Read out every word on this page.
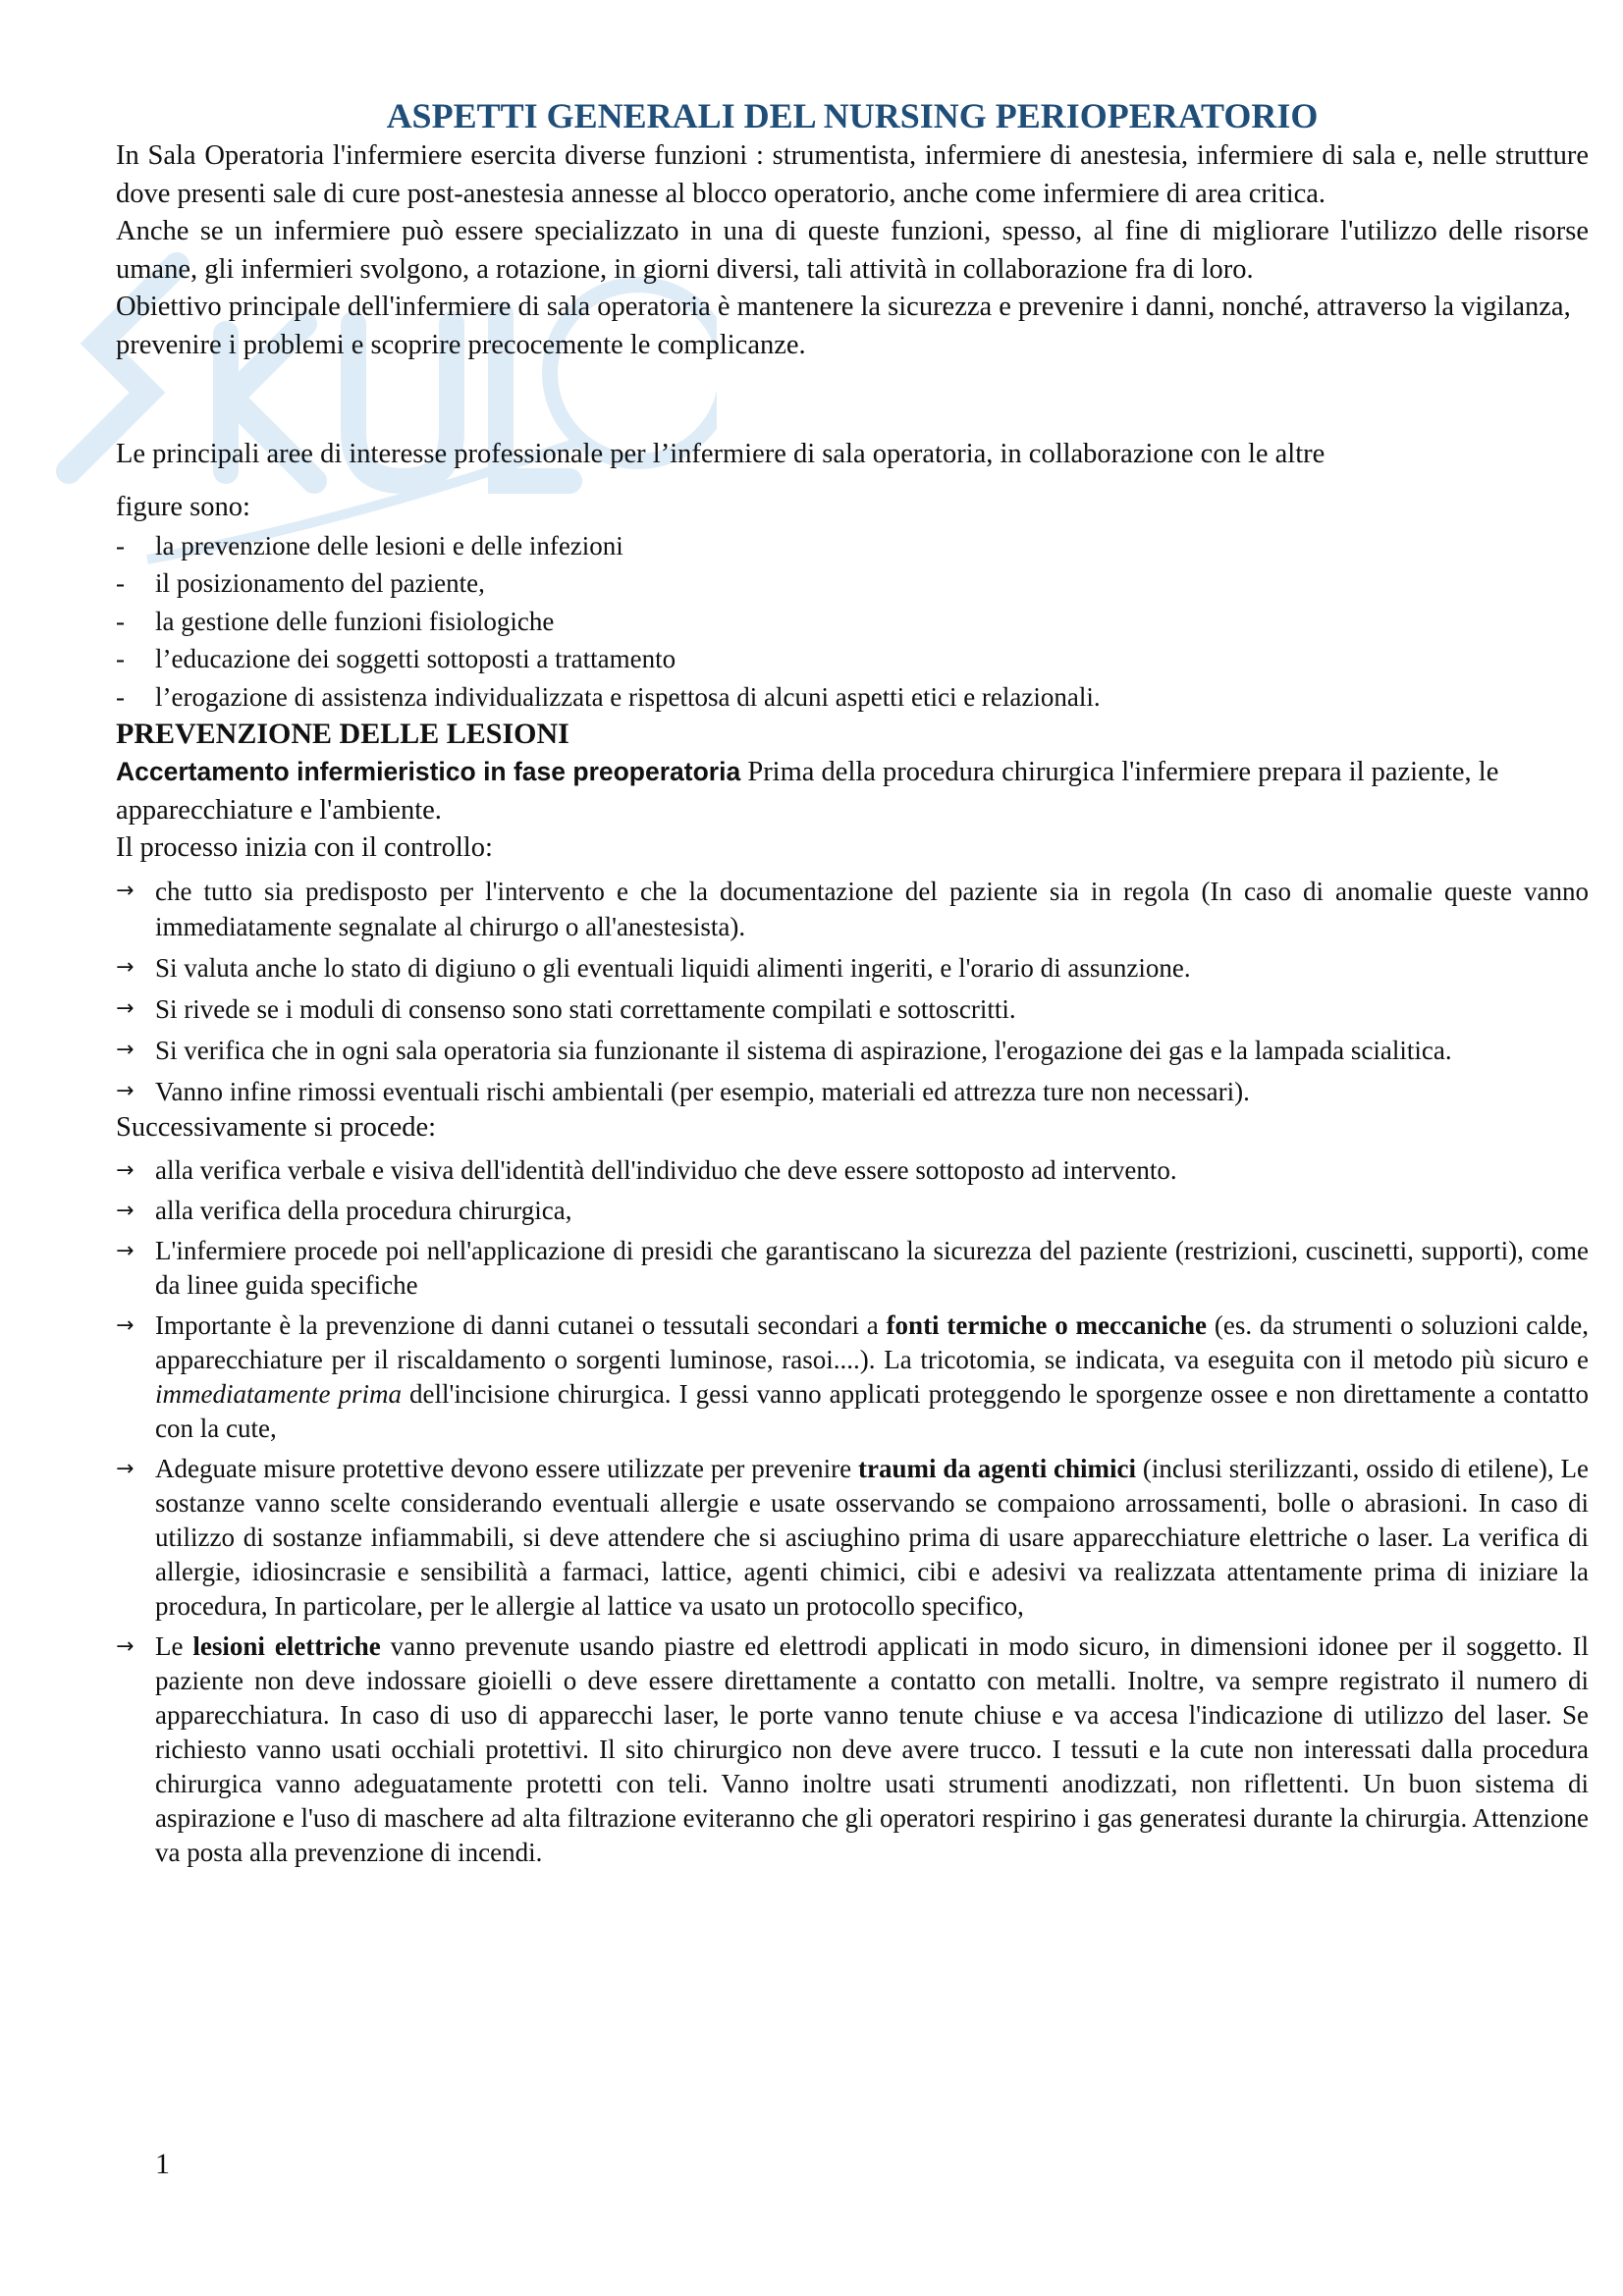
ASPETTI GENERALI DEL NURSING PERIOPERATORIO

In Sala Operatoria l'infermiere esercita diverse funzioni : strumentista, infermiere di anestesia, infermiere di sala e, nelle strutture dove presenti sale di cure post-anestesia annesse al blocco operatorio, anche come infermiere di area critica.

Anche se un infermiere può essere specializzato in una di queste funzioni, spesso, al fine di migliorare l'utilizzo delle risorse umane, gli infermieri svolgono, a rotazione, in giorni diversi, tali attività in collaborazione fra di loro.

Obiettivo principale dell'infermiere di sala operatoria è mantenere la sicurezza e prevenire i danni, nonché, attraverso la vigilanza, prevenire i problemi e scoprire precocemente le complicanze.

Le principali aree di interesse professionale per l’infermiere di sala operatoria, in collaborazione con le altre

figure sono:

- la prevenzione delle lesioni e delle infezioni
- il posizionamento del paziente,
- la gestione delle funzioni fisiologiche
- l’educazione dei soggetti sottoposti a trattamento
- l’erogazione di assistenza individualizzata e rispettosa di alcuni aspetti etici e relazionali.

PREVENZIONE DELLE LESIONI

Accertamento infermieristico in fase preoperatoria Prima della procedura chirurgica l'infermiere prepara il paziente, le apparecchiature e l'ambiente.

Il processo inizia con il controllo:

→ che tutto sia predisposto per l'intervento e che la documentazione del paziente sia in regola (In caso di anomalie queste vanno immediatamente segnalate al chirurgo o all'anestesista).
→ Si valuta anche lo stato di digiuno o gli eventuali liquidi alimenti ingeriti, e l'orario di assunzione.
→ Si rivede se i moduli di consenso sono stati correttamente compilati e sottoscritti.
→ Si verifica che in ogni sala operatoria sia funzionante il sistema di aspirazione, l'erogazione dei gas e la lampada scialitica.
→ Vanno infine rimossi eventuali rischi ambientali (per esempio, materiali ed attrezza ture non necessari).

Successivamente si procede:

→ alla verifica verbale e visiva dell'identità dell'individuo che deve essere sottoposto ad intervento.
→ alla verifica della procedura chirurgica,
→ L'infermiere procede poi nell'applicazione di presidi che garantiscano la sicurezza del paziente (restrizioni, cuscinetti, supporti), come da linee guida specifiche
→ Importante è la prevenzione di danni cutanei o tessutali secondari a fonti termiche o meccaniche (es. da strumenti o soluzioni calde, apparecchiature per il riscaldamento o sorgenti luminose, rasoi....). La tricotomia, se indicata, va eseguita con il metodo più sicuro e immediatamente prima dell'incisione chirurgica. I gessi vanno applicati proteggendo le sporgenze ossee e non direttamente a contatto con la cute,
→ Adeguate misure protettive devono essere utilizzate per prevenire traumi da agenti chimici (inclusi sterilizzanti, ossido di etilene), Le sostanze vanno scelte considerando eventuali allergie e usate osservando se compaiono arrossamenti, bolle o abrasioni. In caso di utilizzo di sostanze infiammabili, si deve attendere che si asciughino prima di usare apparecchiature elettriche o laser. La verifica di allergie, idiosincrasie e sensibilità a farmaci, lattice, agenti chimici, cibi e adesivi va realizzata attentamente prima di iniziare la procedura, In particolare, per le allergie al lattice va usato un protocollo specifico,
→ Le lesioni elettriche vanno prevenute usando piastre ed elettrodi applicati in modo sicuro, in dimensioni idonee per il soggetto. Il paziente non deve indossare gioielli o deve essere direttamente a contatto con metalli. Inoltre, va sempre registrato il numero di apparecchiatura. In caso di uso di apparecchi laser, le porte vanno tenute chiuse e va accesa l'indicazione di utilizzo del laser. Se richiesto vanno usati occhiali protettivi. Il sito chirurgico non deve avere trucco. I tessuti e la cute non interessati dalla procedura chirurgica vanno adeguatamente protetti con teli. Vanno inoltre usati strumenti anodizzati, non riflettenti. Un buon sistema di aspirazione e l'uso di maschere ad alta filtrazione eviteranno che gli operatori respirino i gas generatesi durante la chirurgia. Attenzione va posta alla prevenzione di incendi.
1
